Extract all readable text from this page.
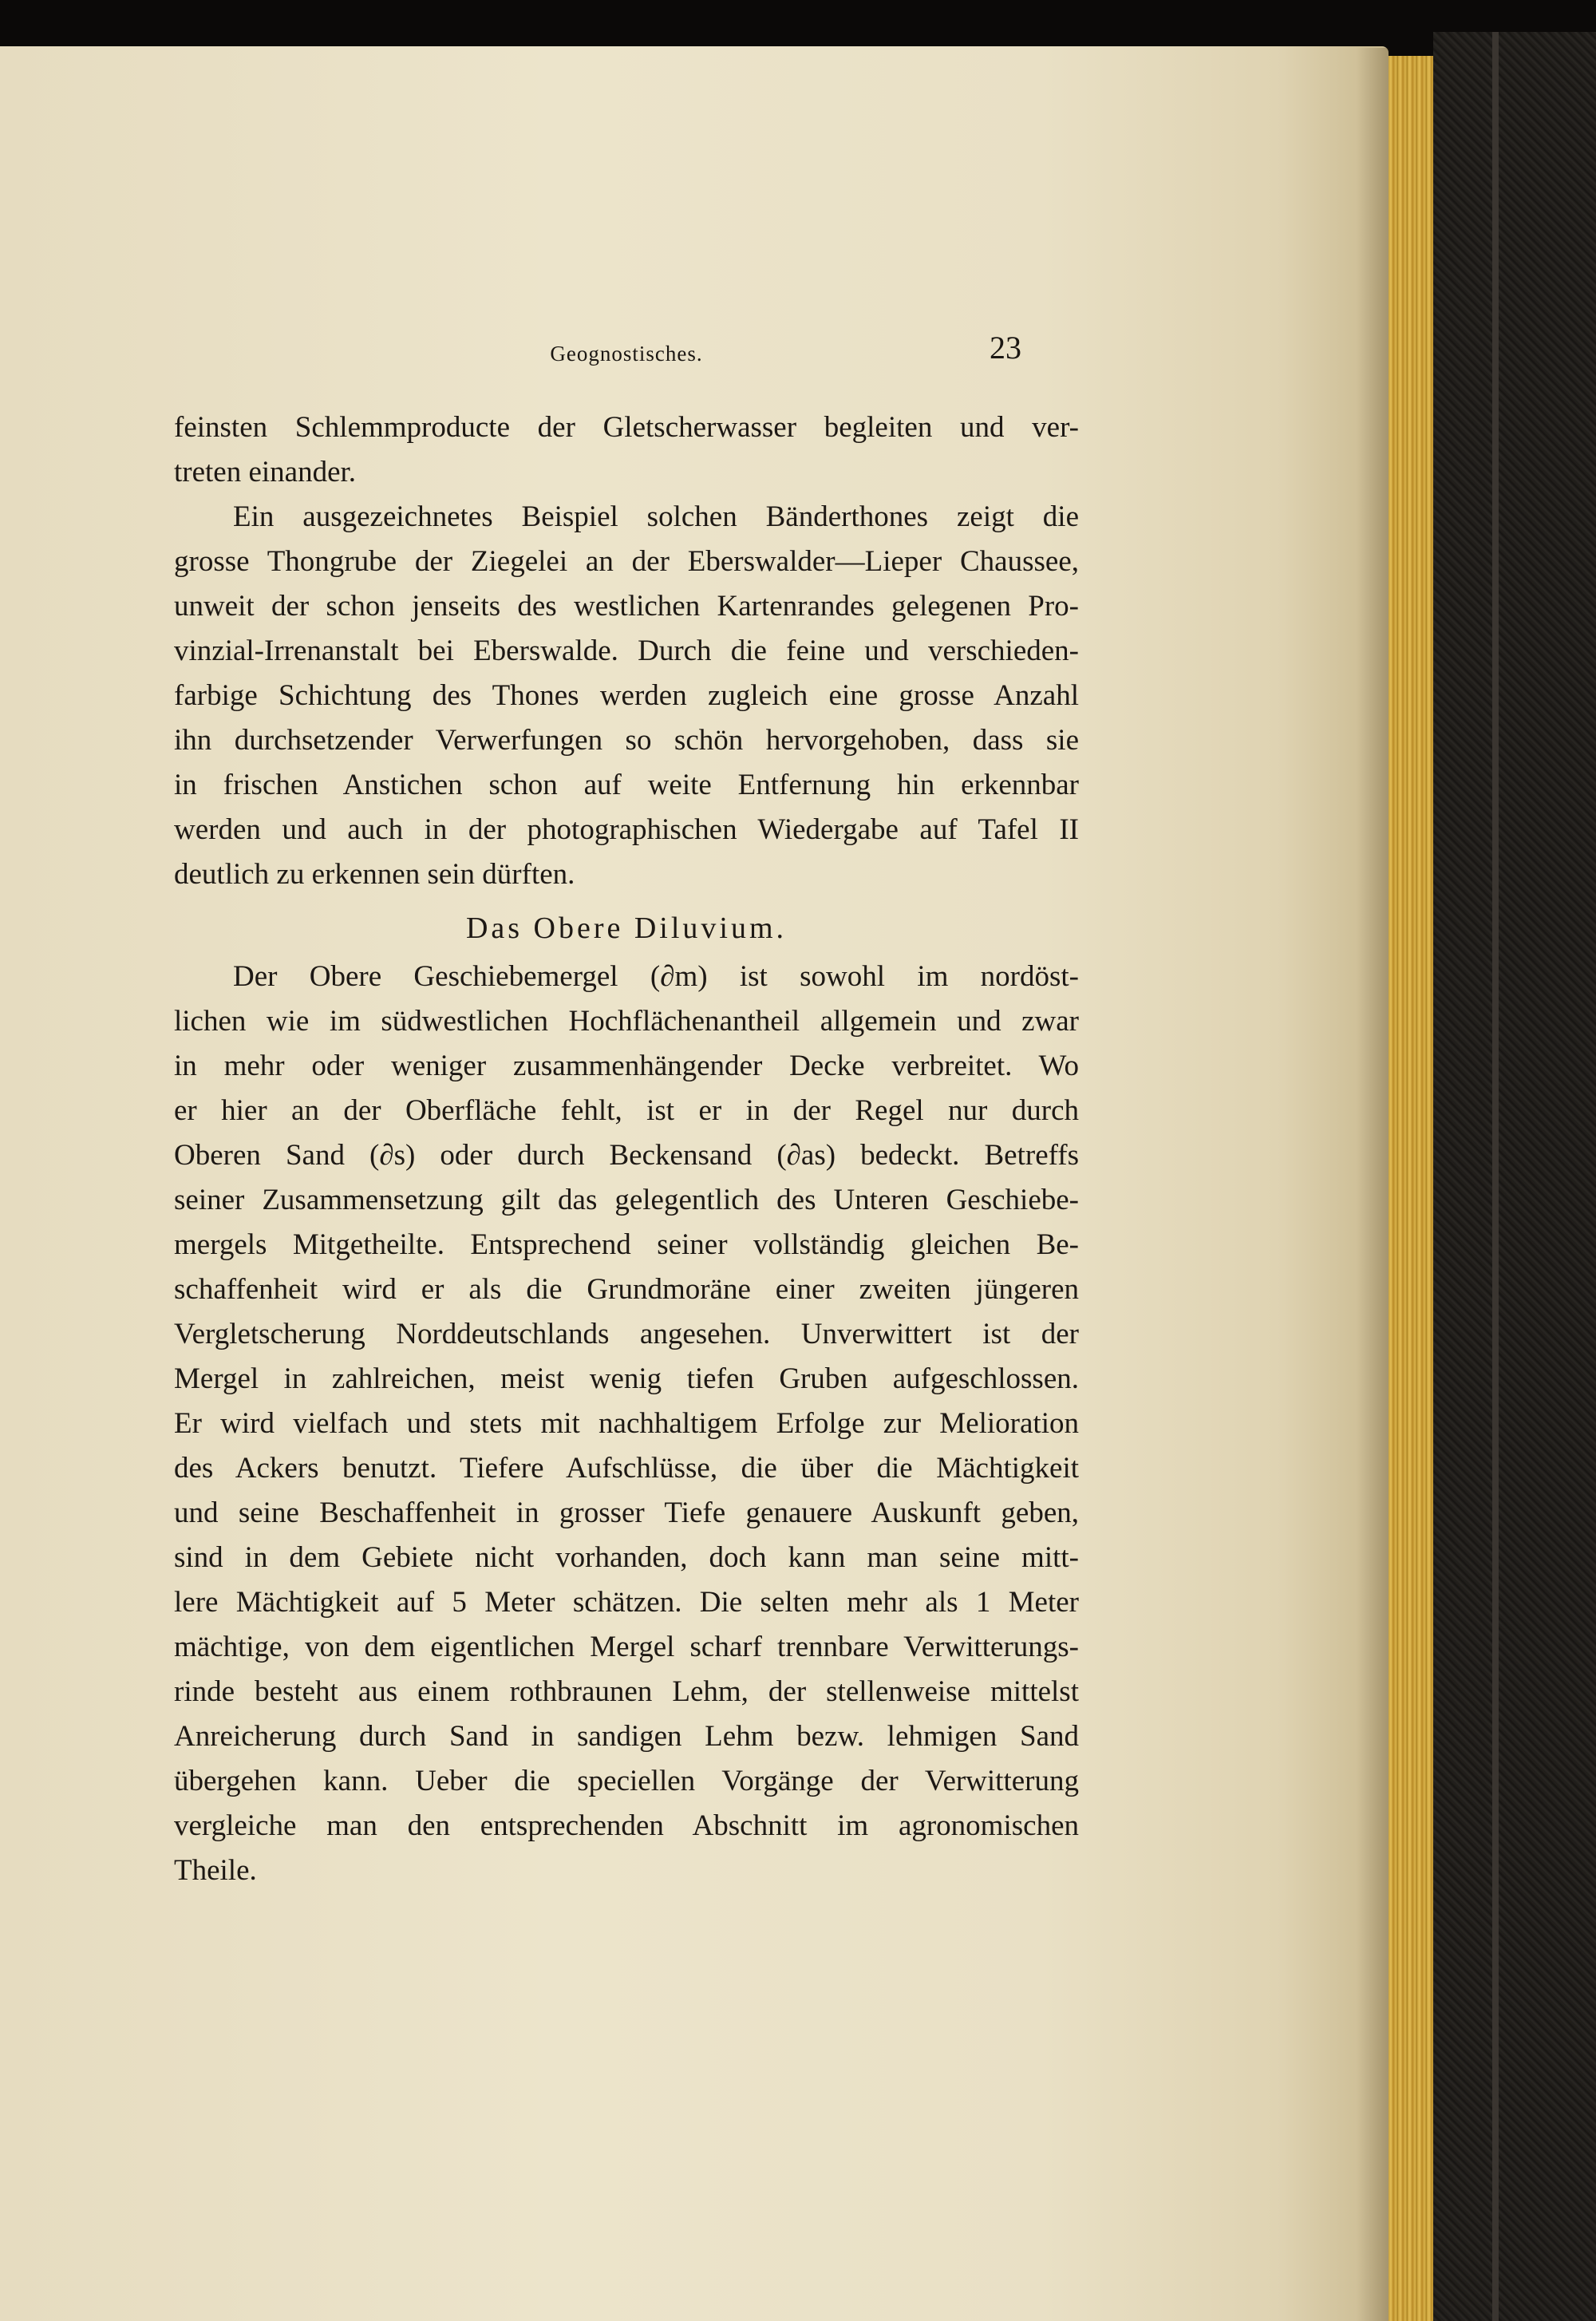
Geognostisches.	23
feinsten Schlemmproducte der Gletscherwasser begleiten und ver-
treten einander.
Ein ausgezeichnetes Beispiel solchen Bänderthones zeigt die
grosse Thongrube der Ziegelei an der Eberswalder—Lieper Chaussee,
unweit der schon jenseits des westlichen Kartenrandes gelegenen Pro-
vinzial-Irrenanstalt bei Eberswalde. Durch die feine und verschieden-
farbige Schichtung des Thones werden zugleich eine grosse Anzahl
ihn durchsetzender Verwerfungen so schön hervorgehoben, dass sie
in frischen Anstichen schon auf weite Entfernung hin erkennbar
werden und auch in der photographischen Wiedergabe auf Tafel II
deutlich zu erkennen sein dürften.
Das Obere Diluvium.
Der Obere Geschiebemergel (∂m) ist sowohl im nordöst-
lichen wie im südwestlichen Hochflächenantheil allgemein und zwar
in mehr oder weniger zusammenhängender Decke verbreitet. Wo
er hier an der Oberfläche fehlt, ist er in der Regel nur durch
Oberen Sand (∂s) oder durch Beckensand (∂as) bedeckt. Betreffs
seiner Zusammensetzung gilt das gelegentlich des Unteren Geschiebe-
mergels Mitgetheilte. Entsprechend seiner vollständig gleichen Be-
schaffenheit wird er als die Grundmoräne einer zweiten jüngeren
Vergletscherung Norddeutschlands angesehen. Unverwittert ist der
Mergel in zahlreichen, meist wenig tiefen Gruben aufgeschlossen.
Er wird vielfach und stets mit nachhaltigem Erfolge zur Melioration
des Ackers benutzt. Tiefere Aufschlüsse, die über die Mächtigkeit
und seine Beschaffenheit in grosser Tiefe genauere Auskunft geben,
sind in dem Gebiete nicht vorhanden, doch kann man seine mitt-
lere Mächtigkeit auf 5 Meter schätzen. Die selten mehr als 1 Meter
mächtige, von dem eigentlichen Mergel scharf trennbare Verwitterungs-
rinde besteht aus einem rothbraunen Lehm, der stellenweise mittelst
Anreicherung durch Sand in sandigen Lehm bezw. lehmigen Sand
übergehen kann. Ueber die speciellen Vorgänge der Verwitterung
vergleiche man den entsprechenden Abschnitt im agronomischen
Theile.
